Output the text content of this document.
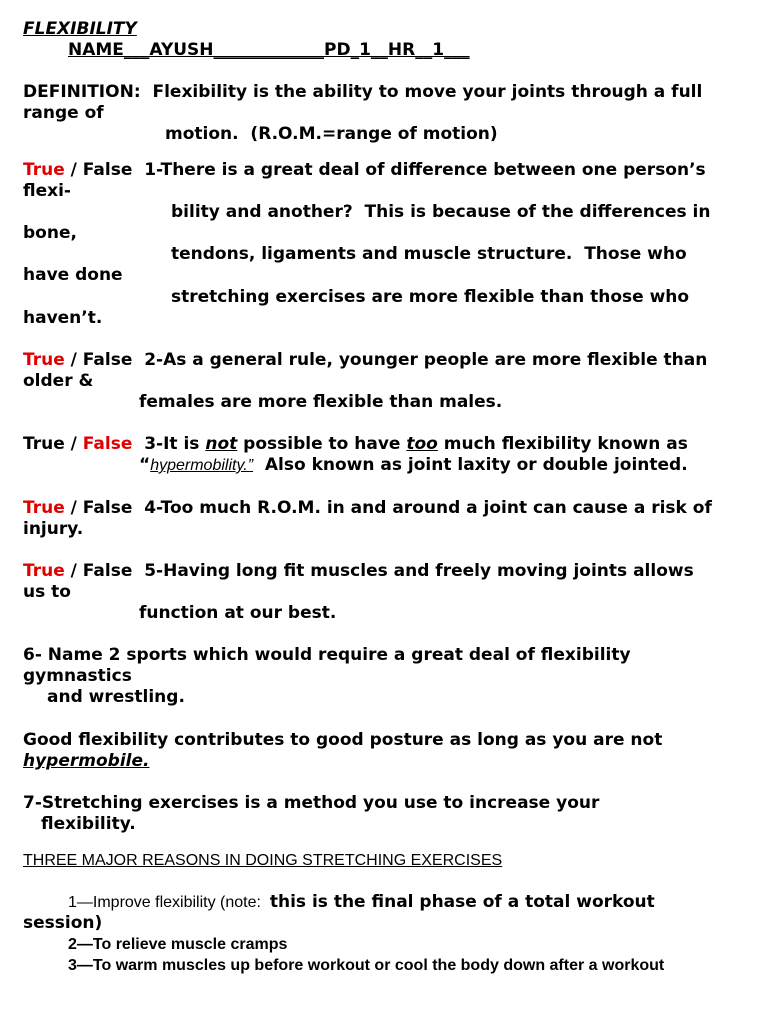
FLEXIBILITY
NAME___AYUSH_____________PD_1__HR__1___
DEFINITION: Flexibility is the ability to move your joints through a full
range of
motion.  (R.O.M.=range of motion)
True / False 1-There is a great deal of difference between one person’s
flexi-
bility and another?  This is because of the differences in
bone,
tendons, ligaments and muscle structure.  Those who
have done
stretching exercises are more flexible than those who
haven’t.
True / False 2-As a general rule, younger people are more flexible than
older &
females are more flexible than males.
True / False 3-It is not possible to have too much flexibility known as
“hypermobility.”  Also known as joint laxity or double jointed.
True / False 4-Too much R.O.M. in and around a joint can cause a risk of
injury.
True / False 5-Having long fit muscles and freely moving joints allows
us to
function at our best.
6- Name 2 sports which would require a great deal of flexibility
gymnastics
and wrestling.
Good flexibility contributes to good posture as long as you are not
hypermobile.
7-Stretching exercises is a method you use to increase your
flexibility.
THREE MAJOR REASONS IN DOING STRETCHING EXERCISES
1—Improve flexibility (note:  this is the final phase of a total workout
session)
2—To relieve muscle cramps
3—To warm muscles up before workout or cool the body down after a workout
